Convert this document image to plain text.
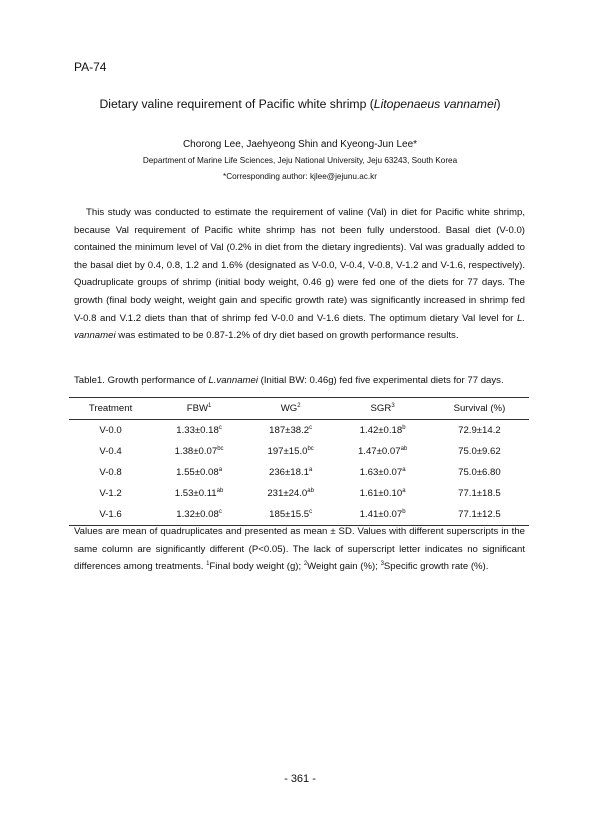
PA-74
Dietary valine requirement of Pacific white shrimp (Litopenaeus vannamei)
Chorong Lee, Jaehyeong Shin and Kyeong-Jun Lee*
Department of Marine Life Sciences, Jeju National University, Jeju 63243, South Korea
*Corresponding author: kjlee@jejunu.ac.kr

This study was conducted to estimate the requirement of valine (Val) in diet for Pacific white shrimp, because Val requirement of Pacific white shrimp has not been fully understood. Basal diet (V-0.0) contained the minimum level of Val (0.2% in diet from the dietary ingredients). Val was gradually added to the basal diet by 0.4, 0.8, 1.2 and 1.6% (designated as V-0.0, V-0.4, V-0.8, V-1.2 and V-1.6, respectively). Quadruplicate groups of shrimp (initial body weight, 0.46 g) were fed one of the diets for 77 days. The growth (final body weight, weight gain and specific growth rate) was significantly increased in shrimp fed V-0.8 and V.1.2 diets than that of shrimp fed V-0.0 and V-1.6 diets. The optimum dietary Val level for L. vannamei was estimated to be 0.87-1.2% of dry diet based on growth performance results.

Table1. Growth performance of L.vannamei (Initial BW: 0.46g) fed five experimental diets for 77 days.
Treatment	FBW$^1$	$WG^2$	SGR$^3$	Survival (%)
V-0.0	1.33±0.18$^c$	187±38.2$^c$	1.42±0.18$^b$	72.9±14.2
V-0.4	1.38±0.07$^{bc}$	197±15.0$^{bc}$	1.47±0.07$^{ab}$	75.0±9.62
V-0.8	1.55±0.08$^a$	236±18.1$^a$	1.63±0.07$^a$	75.0±6.80
V-1.2	1.53±0.11$^{ab}$	231±24.0$^{ab}$	1.61±0.10$^a$	77.1±18.5
V-1.6	1.32±0.08$^c$	185±15.5$^c$	1.41±0.07$^b$	77.1±12.5

Values are mean of quadruplicates and presented as mean ± SD. Values with different superscripts in the same column are significantly different (P<0.05). The lack of superscript letter indicates no significant differences among treatments. $^1$Final body weight (g); $^2$Weight gain (%); $^3$Specific growth rate (%).

- 361 -
